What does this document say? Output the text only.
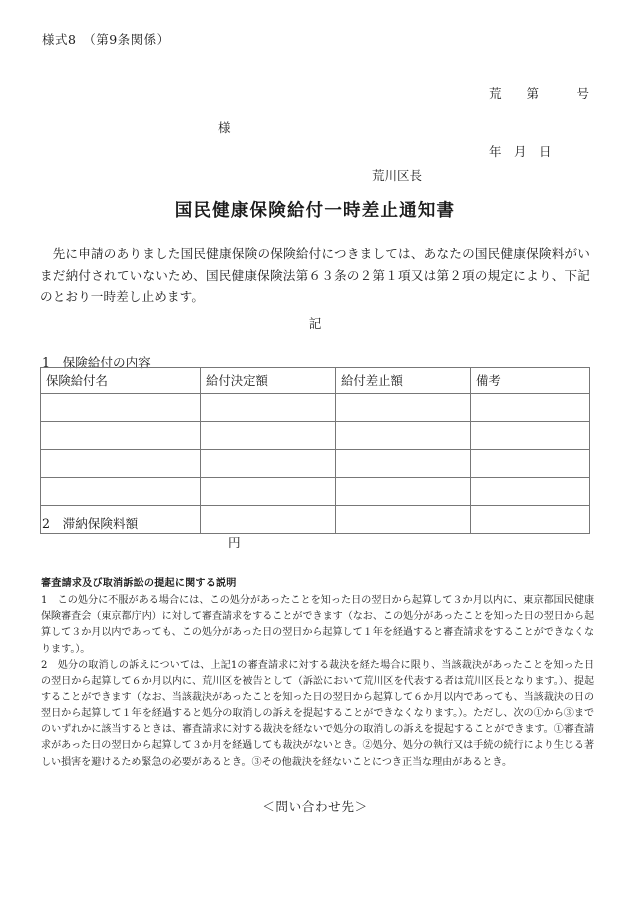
様式8　（第9条関係）

荒　　第　　　号

年　月　日

様
荒川区長
国民健康保険給付一時差止通知書
先に申請のありました国民健康保険の保険給付につきましては、あなたの国民健康保険料がいまだ納付されていないため、国民健康保険法第６３条の２第１項又は第２項の規定により、下記のとおり一時差し止めます。
記
1　保険給付の内容
保険給付名	給付決定額	給付差止額	備考

2　滞納保険料額
円
審査請求及び取消訴訟の提起に関する説明
1　この処分に不服がある場合には、この処分があったことを知った日の翌日から起算して３か月以内に、東京都国民健康保険審査会（東京都庁内）に対して審査請求をすることができます（なお、この処分があったことを知った日の翌日から起算して３か月以内であっても、この処分があった日の翌日から起算して１年を経過すると審査請求をすることができなくなります。）。
2　処分の取消しの訴えについては、上記1の審査請求に対する裁決を経た場合に限り、当該裁決があったことを知った日の翌日から起算して６か月以内に、荒川区を被告として（訴訟において荒川区を代表する者は荒川区長となります。）、提起することができます（なお、当該裁決があったことを知った日の翌日から起算して６か月以内であっても、当該裁決の日の翌日から起算して１年を経過すると処分の取消しの訴えを提起することができなくなります。）。ただし、次の①から③までのいずれかに該当するときは、審査請求に対する裁決を経ないで処分の取消しの訴えを提起することができます。①審査請求があった日の翌日から起算して３か月を経過しても裁決がないとき。②処分、処分の執行又は手続の続行により生じる著しい損害を避けるため緊急の必要があるとき。③その他裁決を経ないことにつき正当な理由があるとき。
＜問い合わせ先＞
